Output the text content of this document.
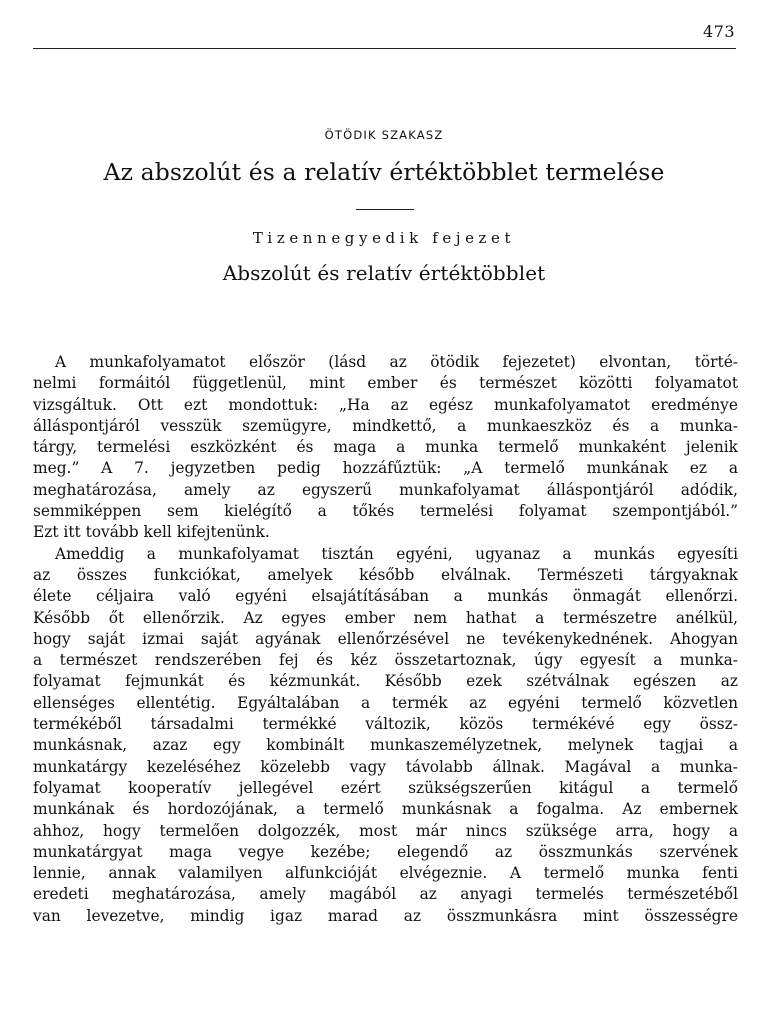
473
ÖTÖDIK SZAKASZ
Az abszolút és a relatív értéktöbblet termelése
Tizennegyedik fejezet
Abszolút és relatív értéktöbblet
A munkafolyamatot először (lásd az ötödik fejezetet) elvontan, törté-
nelmi formáitól függetlenül, mint ember és természet közötti folyamatot
vizsgáltuk. Ott ezt mondottuk: „Ha az egész munkafolyamatot eredménye
álláspontjáról vesszük szemügyre, mindkettő, a munkaeszköz és a munka-
tárgy, termelési eszközként és maga a munka termelő munkaként jelenik
meg.” A 7. jegyzetben pedig hozzáfűztük: „A termelő munkának ez a
meghatározása, amely az egyszerű munkafolyamat álláspontjáról adódik,
semmiképpen sem kielégítő a tőkés termelési folyamat szempontjából.”
Ezt itt tovább kell kifejtenünk.
Ameddig a munkafolyamat tisztán egyéni, ugyanaz a munkás egyesíti
az összes funkciókat, amelyek később elválnak. Természeti tárgyaknak
élete céljaira való egyéni elsajátításában a munkás önmagát ellenőrzi.
Később őt ellenőrzik. Az egyes ember nem hathat a természetre anélkül,
hogy saját izmai saját agyának ellenőrzésével ne tevékenykednének. Ahogyan
a természet rendszerében fej és kéz összetartoznak, úgy egyesít a munka-
folyamat fejmunkát és kézmunkát. Később ezek szétválnak egészen az
ellenséges ellentétig. Egyáltalában a termék az egyéni termelő közvetlen
termékéből társadalmi termékké változik, közös termékévé egy össz-
munkásnak, azaz egy kombinált munkaszemélyzetnek, melynek tagjai a
munkatárgy kezeléséhez közelebb vagy távolabb állnak. Magával a munka-
folyamat kooperatív jellegével ezért szükségszerűen kitágul a termelő
munkának és hordozójának, a termelő munkásnak a fogalma. Az embernek
ahhoz, hogy termelően dolgozzék, most már nincs szüksége arra, hogy a
munkatárgyat maga vegye kezébe; elegendő az összmunkás szervének
lennie, annak valamilyen alfunkcióját elvégeznie. A termelő munka fenti
eredeti meghatározása, amely magából az anyagi termelés természetéből
van levezetve, mindig igaz marad az összmunkásra mint összességre
